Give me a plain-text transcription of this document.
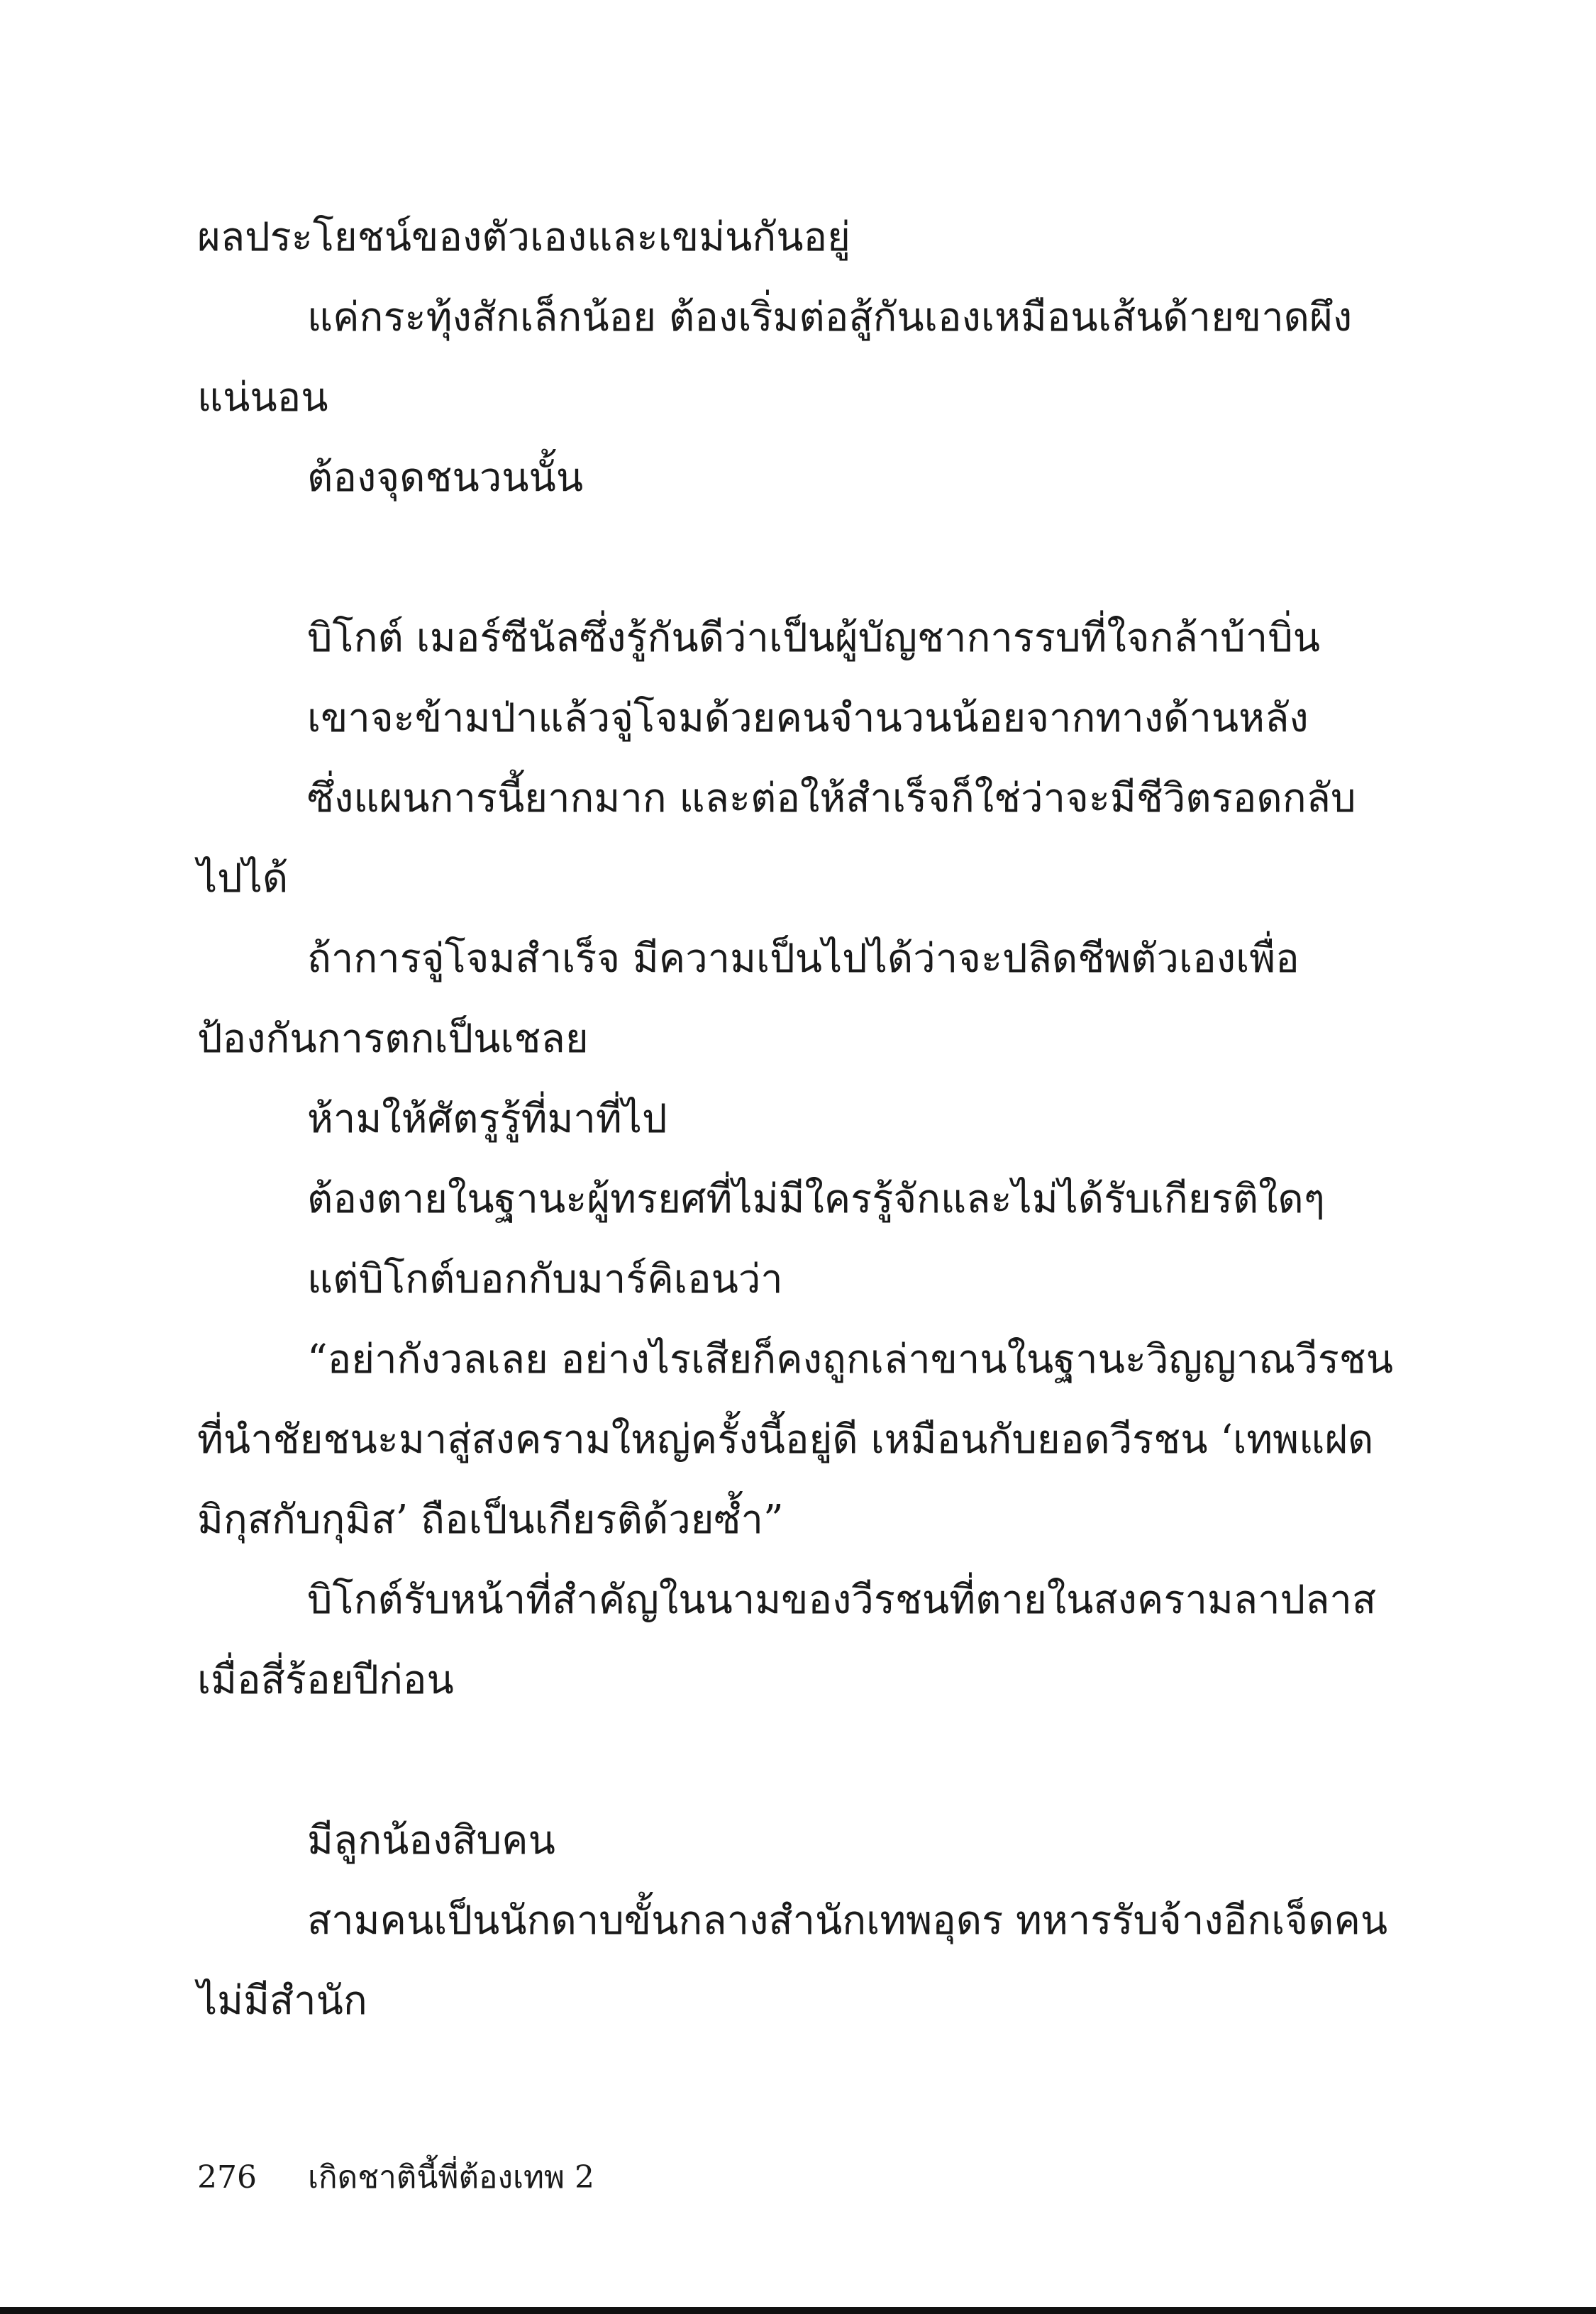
ผลประโยชน์ของตัวเองและเขม่นกันอยู่
แค่กระทุ้งสักเล็กน้อย ต้องเริ่มต่อสู้กันเองเหมือนเส้นด้ายขาดผึง
แน่นอน
ต้องจุดชนวนนั้น
บิโกต์ เมอร์ซีนัลซึ่งรู้กันดีว่าเป็นผู้บัญชาการรบที่ใจกล้าบ้าบิ่น
เขาจะข้ามป่าแล้วจู่โจมด้วยคนจำนวนน้อยจากทางด้านหลัง
ซึ่งแผนการนี้ยากมาก และต่อให้สำเร็จก็ใช่ว่าจะมีชีวิตรอดกลับ
ไปได้
ถ้าการจู่โจมสำเร็จ มีความเป็นไปได้ว่าจะปลิดชีพตัวเองเพื่อ
ป้องกันการตกเป็นเชลย
ห้ามให้ศัตรูรู้ที่มาที่ไป
ต้องตายในฐานะผู้ทรยศที่ไม่มีใครรู้จักและไม่ได้รับเกียรติใดๆ
แต่บิโกต์บอกกับมาร์คิเอนว่า
“อย่ากังวลเลย อย่างไรเสียก็คงถูกเล่าขานในฐานะวิญญาณวีรชน
ที่นำชัยชนะมาสู่สงครามใหญ่ครั้งนี้อยู่ดี เหมือนกับยอดวีรชน ‘เทพแฝด
มิกุสกับกุมิส’ ถือเป็นเกียรติด้วยซ้ำ”
บิโกต์รับหน้าที่สำคัญในนามของวีรชนที่ตายในสงครามลาปลาส
เมื่อสี่ร้อยปีก่อน
มีลูกน้องสิบคน
สามคนเป็นนักดาบขั้นกลางสำนักเทพอุดร ทหารรับจ้างอีกเจ็ดคน
ไม่มีสำนัก
276 เกิดชาตินี้พี่ต้องเทพ 2
